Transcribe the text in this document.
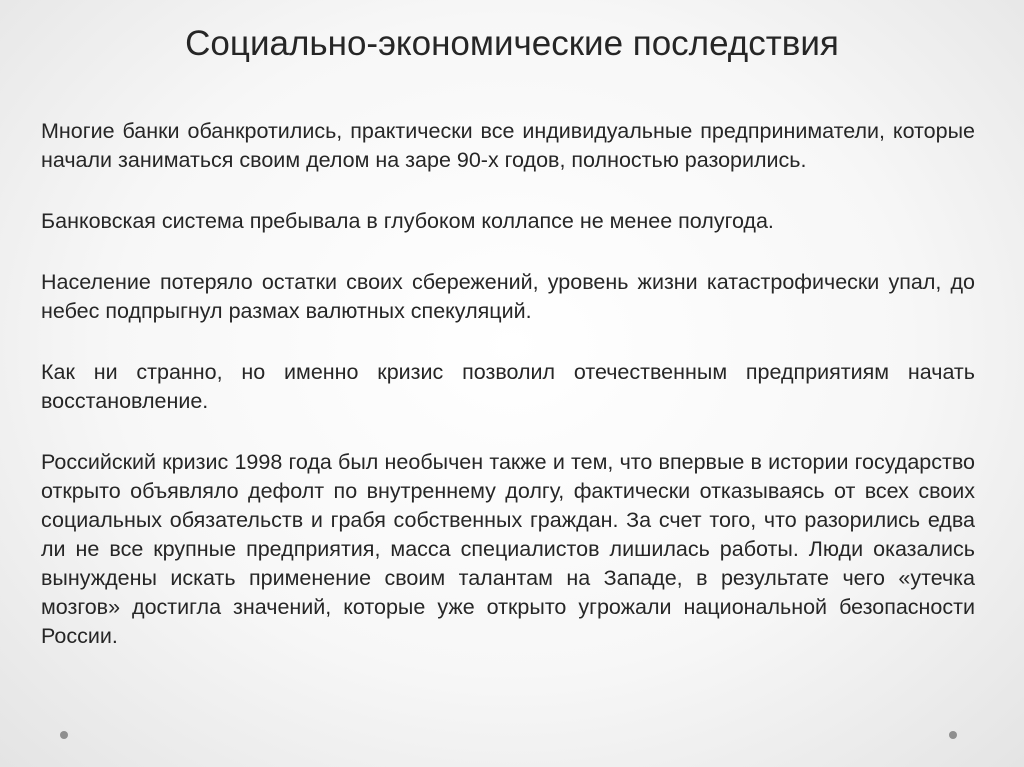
Социально-экономические последствия

Многие банки обанкротились, практически все индивидуальные предприниматели, которые начали заниматься своим делом на заре 90-х годов, полностью разорились.

Банковская система пребывала в глубоком коллапсе не менее полугода.

Население потеряло остатки своих сбережений, уровень жизни катастрофически упал, до небес подпрыгнул размах валютных спекуляций.

Как ни странно, но именно кризис позволил отечественным предприятиям начать восстановление.

Российский кризис 1998 года был необычен также и тем, что впервые в истории государство открыто объявляло дефолт по внутреннему долгу, фактически отказываясь от всех своих социальных обязательств и грабя собственных граждан. За счет того, что разорились едва ли не все крупные предприятия, масса специалистов лишилась работы. Люди оказались вынуждены искать применение своим талантам на Западе, в результате чего «утечка мозгов» достигла значений, которые уже открыто угрожали национальной безопасности России.
